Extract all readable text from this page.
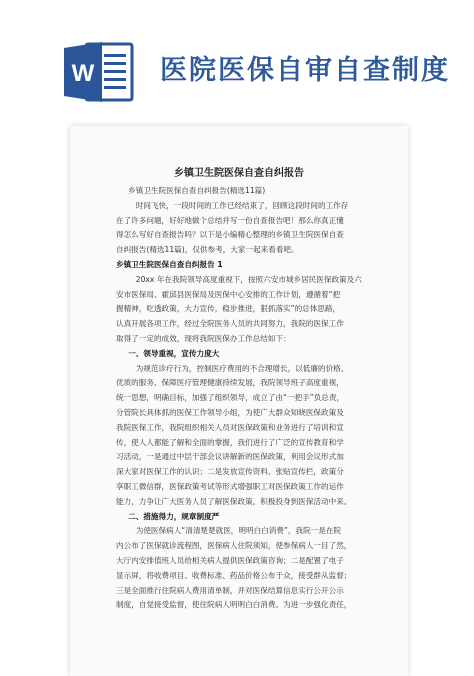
W 医院医保自审自查制度
乡镇卫生院医保自查自纠报告
乡镇卫生院医保自查自纠报告(精选11篇)
时间飞快，一段时间的工作已经结束了，回顾这段时间的工作存
在了许多问题，好好地做个总结并写一份自查报告吧！那么你真正懂
得怎么写好自查报告吗？以下是小编精心整理的乡镇卫生院医保自查
自纠报告(精选11篇)，仅供参考，大家一起来看看吧。
乡镇卫生院医保自查自纠报告 1
20xx 年在我院领导高度重视下，按照六安市城乡居民医保政策及六
安市医保局、霍邱县医保局及医保中心安排的工作计划，遵循着“把
握精神，吃透政策，大力宣传，稳步推进，狠抓落实”的总体思路，
认真开展各项工作，经过全院医务人员的共同努力，我院的医保工作
取得了一定的成效，现将我院医保办工作总结如下：
一、领导重视，宣传力度大
为规范诊疗行为，控制医疗费用的不合理增长，以低廉的价格、
优质的服务、保障医疗管理健康持续发展，我院领导班子高度重视，
统一思想，明确目标，加强了组织领导，成立了由“一把手”负总责，
分管院长具体抓的医保工作领导小组，为使广大群众知晓医保政策及
我院医保工作，我院组织相关人员对医保政策和业务进行了培训和宣
传，使人人都能了解和全面的掌握，我们进行了广泛的宣传教育和学
习活动，一是通过中层干部会议讲解新的医保政策，利用会议形式加
深大家对医保工作的认识；二是发放宣传资料、张贴宣传栏，政策分
享职工微信群，医保政策考试等形式增强职工对医保政策工作的运作
能力，力争让广大医务人员了解医保政策，积极投身到医保活动中来。
二、措施得力，规章制度严
为使医保病人“清清楚楚就医，明明白白消费”，我院一是在院
内公布了医保就诊流程图，医保病人住院须知，使参保病人一目了然，
大厅内安排值班人员给相关病人提供医保政策咨询；二是配置了电子
显示屏，将收费项目、收费标准、药品价格公布于众，接受群从监督；
三是全面推行住院病人费用清单制，并对医保结算信息实行公开公示
制度，自觉接受监督，使住院病人明明白白消费。为进一步强化责任，
